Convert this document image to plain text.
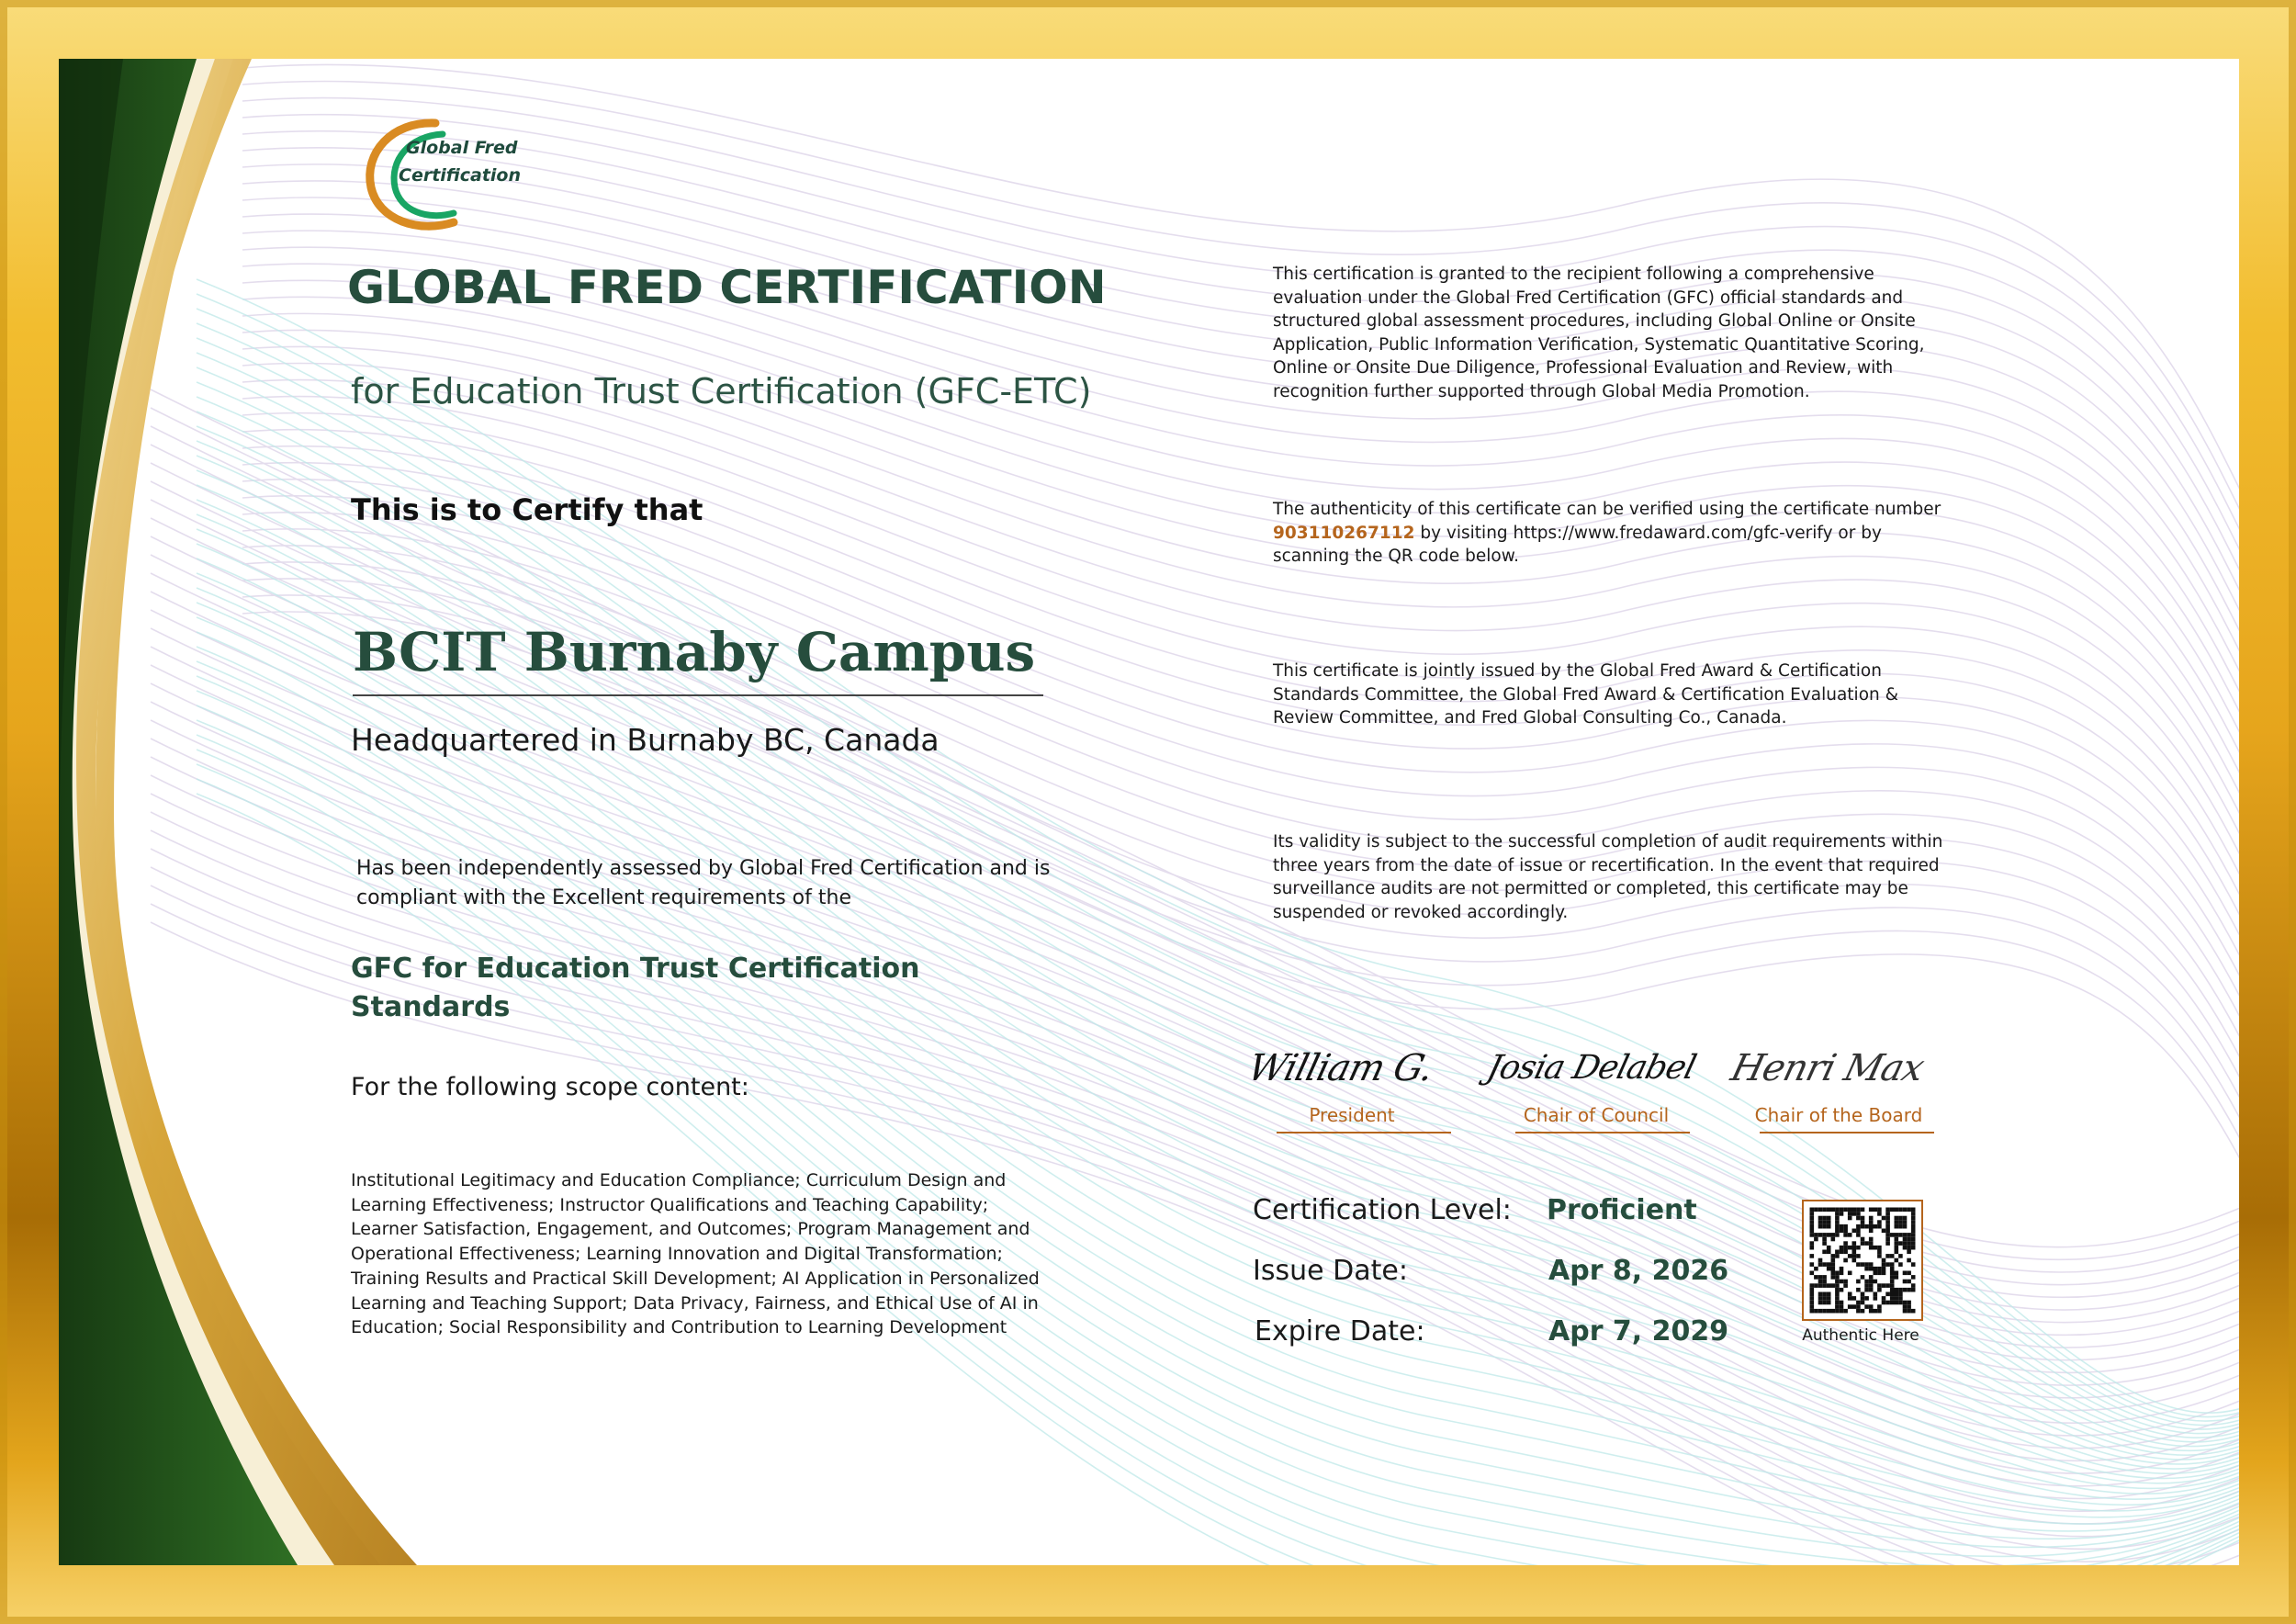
Global Fred
Certification
GLOBAL FRED CERTIFICATION
for Education Trust Certification (GFC-ETC)
This is to Certify that
BCIT Burnaby Campus
Headquartered in Burnaby BC, Canada
Has been independently assessed by Global Fred Certification and is compliant with the Excellent requirements of the
GFC for Education Trust Certification Standards
For the following scope content:
Institutional Legitimacy and Education Compliance; Curriculum Design and Learning Effectiveness; Instructor Qualifications and Teaching Capability; Learner Satisfaction, Engagement, and Outcomes; Program Management and Operational Effectiveness; Learning Innovation and Digital Transformation; Training Results and Practical Skill Development; AI Application in Personalized Learning and Teaching Support; Data Privacy, Fairness, and Ethical Use of AI in Education; Social Responsibility and Contribution to Learning Development
This certification is granted to the recipient following a comprehensive evaluation under the Global Fred Certification (GFC) official standards and structured global assessment procedures, including Global Online or Onsite Application, Public Information Verification, Systematic Quantitative Scoring, Online or Onsite Due Diligence, Professional Evaluation and Review, with recognition further supported through Global Media Promotion.
The authenticity of this certificate can be verified using the certificate number 903110267112 by visiting https://www.fredaward.com/gfc-verify or by scanning the QR code below.
This certificate is jointly issued by the Global Fred Award & Certification Standards Committee, the Global Fred Award & Certification Evaluation & Review Committee, and Fred Global Consulting Co., Canada.
Its validity is subject to the successful completion of audit requirements within three years from the date of issue or recertification. In the event that required surveillance audits are not permitted or completed, this certificate may be suspended or revoked accordingly.
William G.
President
Josia Delabel
Chair of Council
Henri Max
Chair of the Board
Certification Level: Proficient
Issue Date:	Apr 8, 2026
Expire Date:	Apr 7, 2029	Authentic Here
